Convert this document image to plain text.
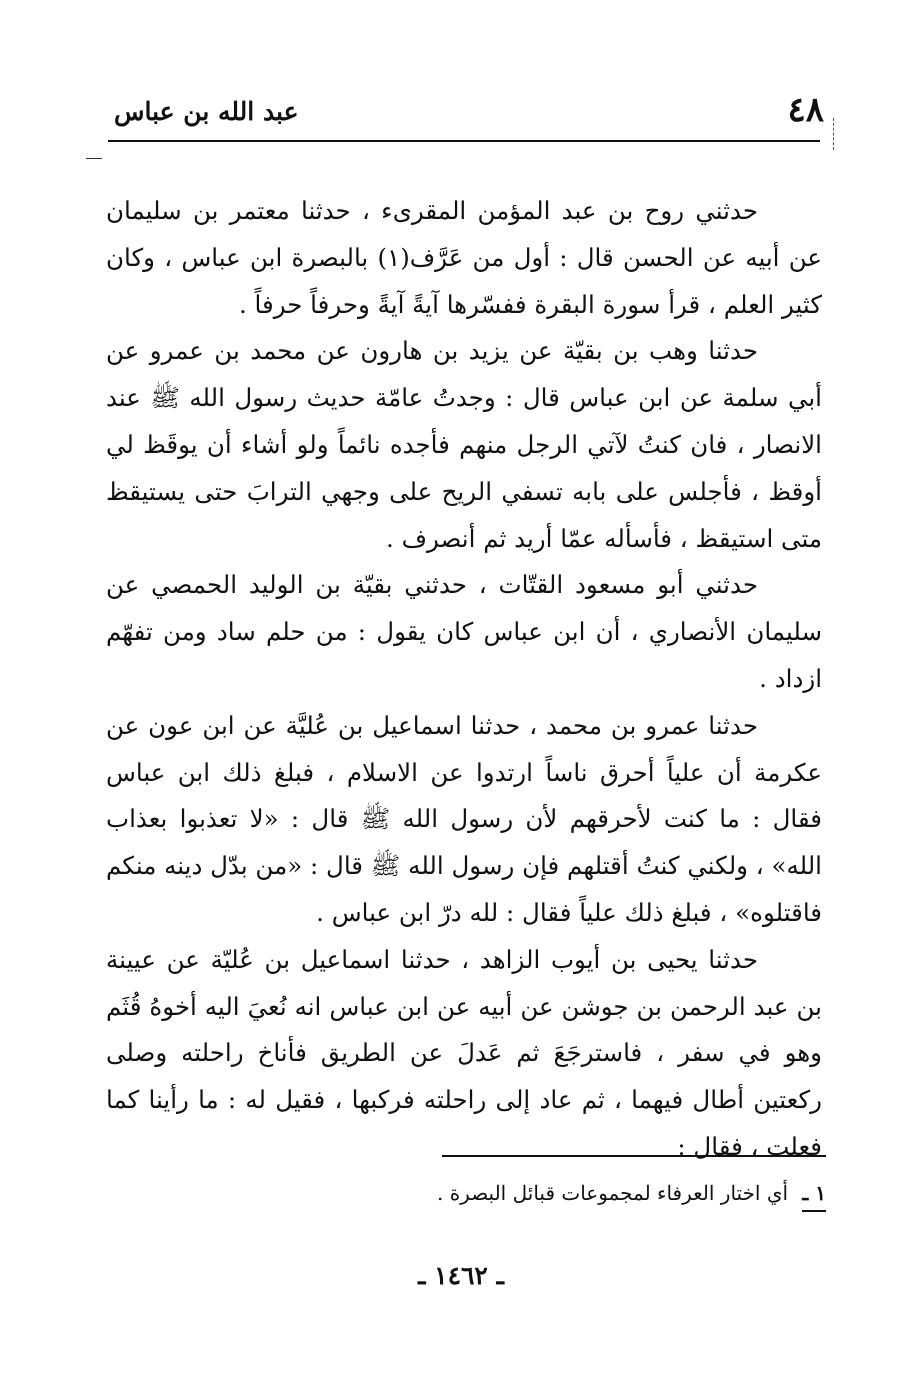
٤٨
عبد الله بن عباس

حدثني روح بن عبد المؤمن المقرىء ، حدثنا معتمر بن سليمان عن أبيه عن الحسن قال : أول من عَرَّف(١) بالبصرة ابن عباس ، وكان كثير العلم ، قرأ سورة البقرة ففسّرها آيةً آيةً وحرفاً حرفاً .

حدثنا وهب بن بقيّة عن يزيد بن هارون عن محمد بن عمرو عن أبي سلمة عن ابن عباس قال : وجدتُ عامّة حديث رسول الله ﷺ عند الانصار ، فان كنتُ لآتي الرجل منهم فأجده نائماً ولو أشاء أن يوقَظ لي أوقظ ، فأجلس على بابه تسفي الريح على وجهي الترابَ حتى يستيقظ متى استيقظ ، فأسأله عمّا أريد ثم أنصرف .

حدثني أبو مسعود القتّات ، حدثني بقيّة بن الوليد الحمصي عن سليمان الأنصاري ، أن ابن عباس كان يقول : من حلم ساد ومن تفهّم ازداد .

حدثنا عمرو بن محمد ، حدثنا اسماعيل بن عُليَّة عن ابن عون عن عكرمة أن علياً أحرق ناساً ارتدوا عن الاسلام ، فبلغ ذلك ابن عباس فقال : ما كنت لأحرقهم لأن رسول الله ﷺ قال : «لا تعذبوا بعذاب الله» ، ولكني كنتُ أقتلهم فإن رسول الله ﷺ قال : «من بدّل دينه منكم فاقتلوه» ، فبلغ ذلك علياً فقال : لله درّ ابن عباس .

حدثنا يحيى بن أيوب الزاهد ، حدثنا اسماعيل بن عُليّة عن عيينة بن عبد الرحمن بن جوشن عن أبيه عن ابن عباس انه نُعيَ اليه أخوهُ قُثَم وهو في سفر ، فاسترجَعَ ثم عَدلَ عن الطريق فأناخ راحلته وصلى ركعتين أطال فيهما ، ثم عاد إلى راحلته فركبها ، فقيل له : ما رأينا كما فعلت ، فقال :

١ ـ أي اختار العرفاء لمجموعات قبائل البصرة .
ـ ١٤٦٢ ـ
